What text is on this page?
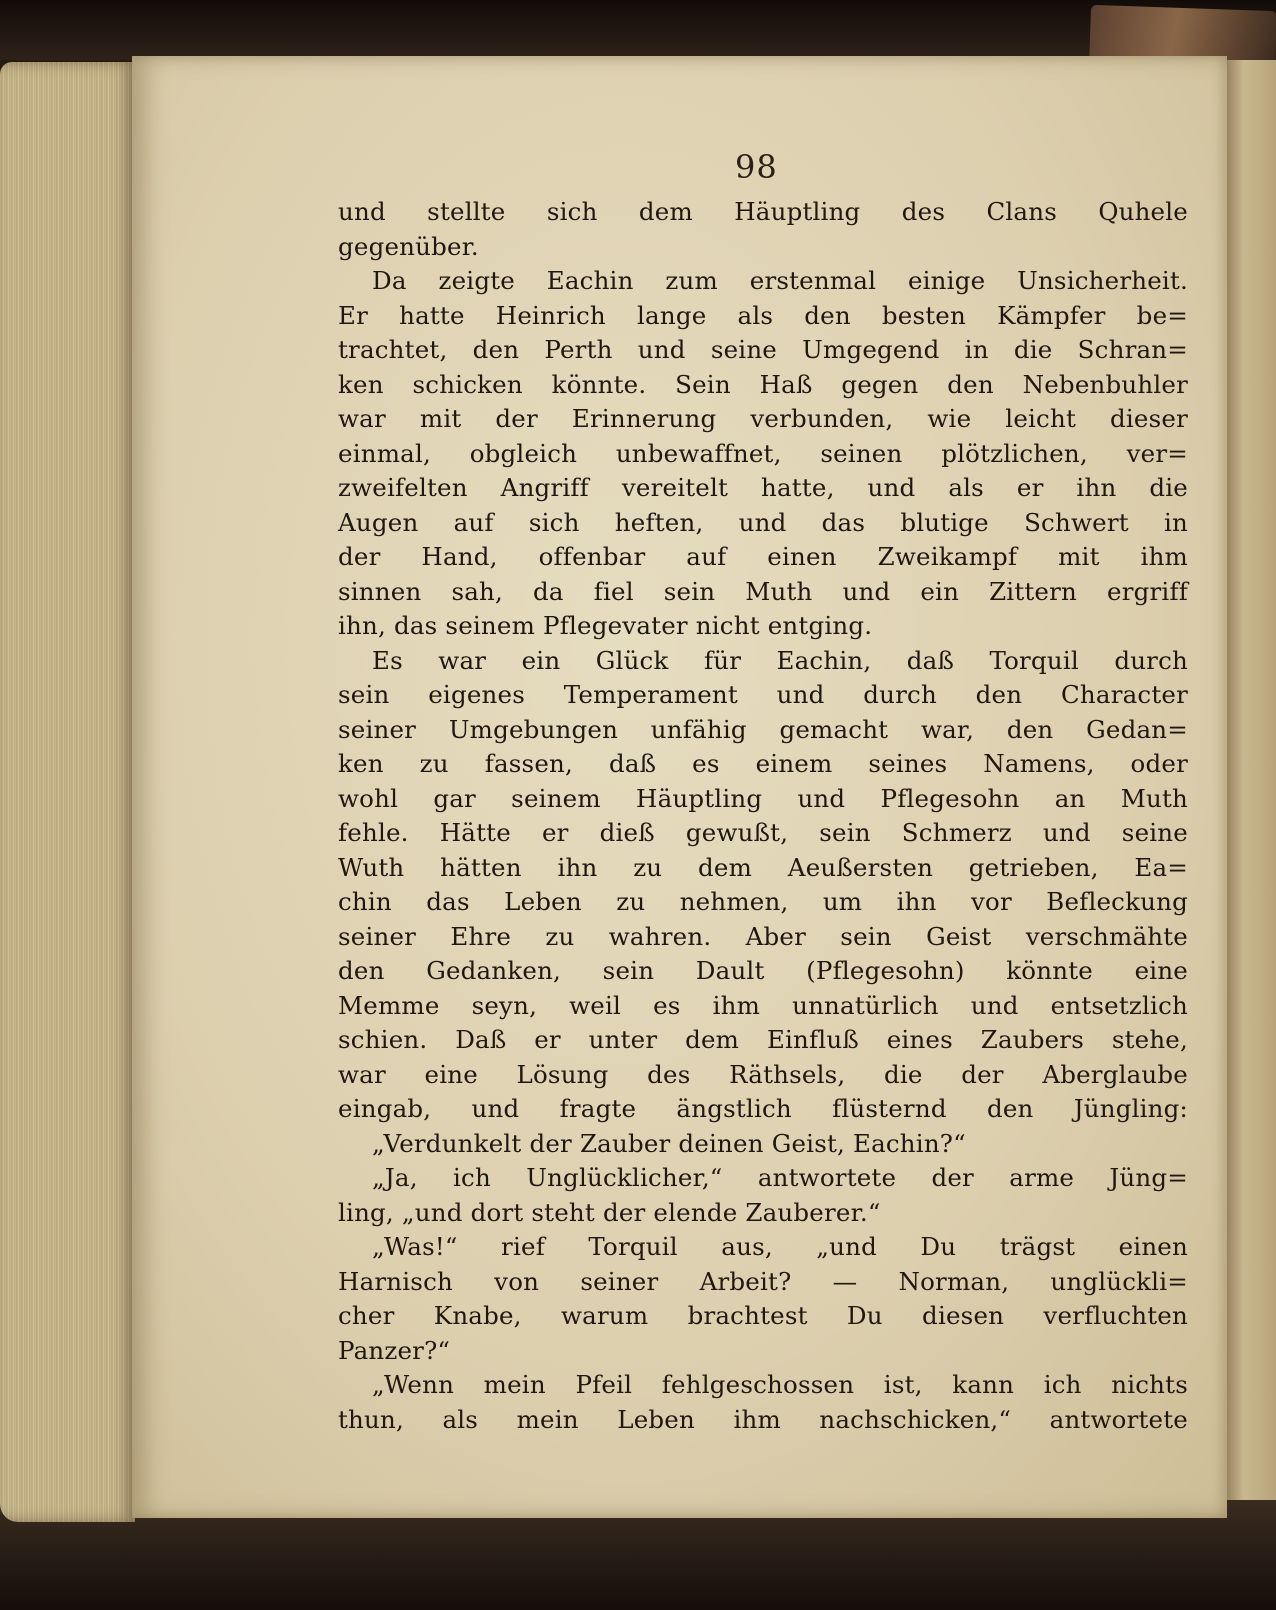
98
und stellte sich dem Häuptling des Clans Quhele
gegenüber.
Da zeigte Eachin zum erstenmal einige Unsicherheit.
Er hatte Heinrich lange als den besten Kämpfer be=
trachtet, den Perth und seine Umgegend in die Schran=
ken schicken könnte. Sein Haß gegen den Nebenbuhler
war mit der Erinnerung verbunden, wie leicht dieser
einmal, obgleich unbewaffnet, seinen plötzlichen, ver=
zweifelten Angriff vereitelt hatte, und als er ihn die
Augen auf sich heften, und das blutige Schwert in
der Hand, offenbar auf einen Zweikampf mit ihm
sinnen sah, da fiel sein Muth und ein Zittern ergriff
ihn, das seinem Pflegevater nicht entging.
Es war ein Glück für Eachin, daß Torquil durch
sein eigenes Temperament und durch den Character
seiner Umgebungen unfähig gemacht war, den Gedan=
ken zu fassen, daß es einem seines Namens, oder
wohl gar seinem Häuptling und Pflegesohn an Muth
fehle. Hätte er dieß gewußt, sein Schmerz und seine
Wuth hätten ihn zu dem Aeußersten getrieben, Ea=
chin das Leben zu nehmen, um ihn vor Befleckung
seiner Ehre zu wahren. Aber sein Geist verschmähte
den Gedanken, sein Dault (Pflegesohn) könnte eine
Memme seyn, weil es ihm unnatürlich und entsetzlich
schien. Daß er unter dem Einfluß eines Zaubers stehe,
war eine Lösung des Räthsels, die der Aberglaube
eingab, und fragte ängstlich flüsternd den Jüngling:
„Verdunkelt der Zauber deinen Geist, Eachin?“
„Ja, ich Unglücklicher,“ antwortete der arme Jüng=
ling, „und dort steht der elende Zauberer.“
„Was!“ rief Torquil aus, „und Du trägst einen
Harnisch von seiner Arbeit? — Norman, unglückli=
cher Knabe, warum brachtest Du diesen verfluchten
Panzer?“
„Wenn mein Pfeil fehlgeschossen ist, kann ich nichts
thun, als mein Leben ihm nachschicken,“ antwortete
